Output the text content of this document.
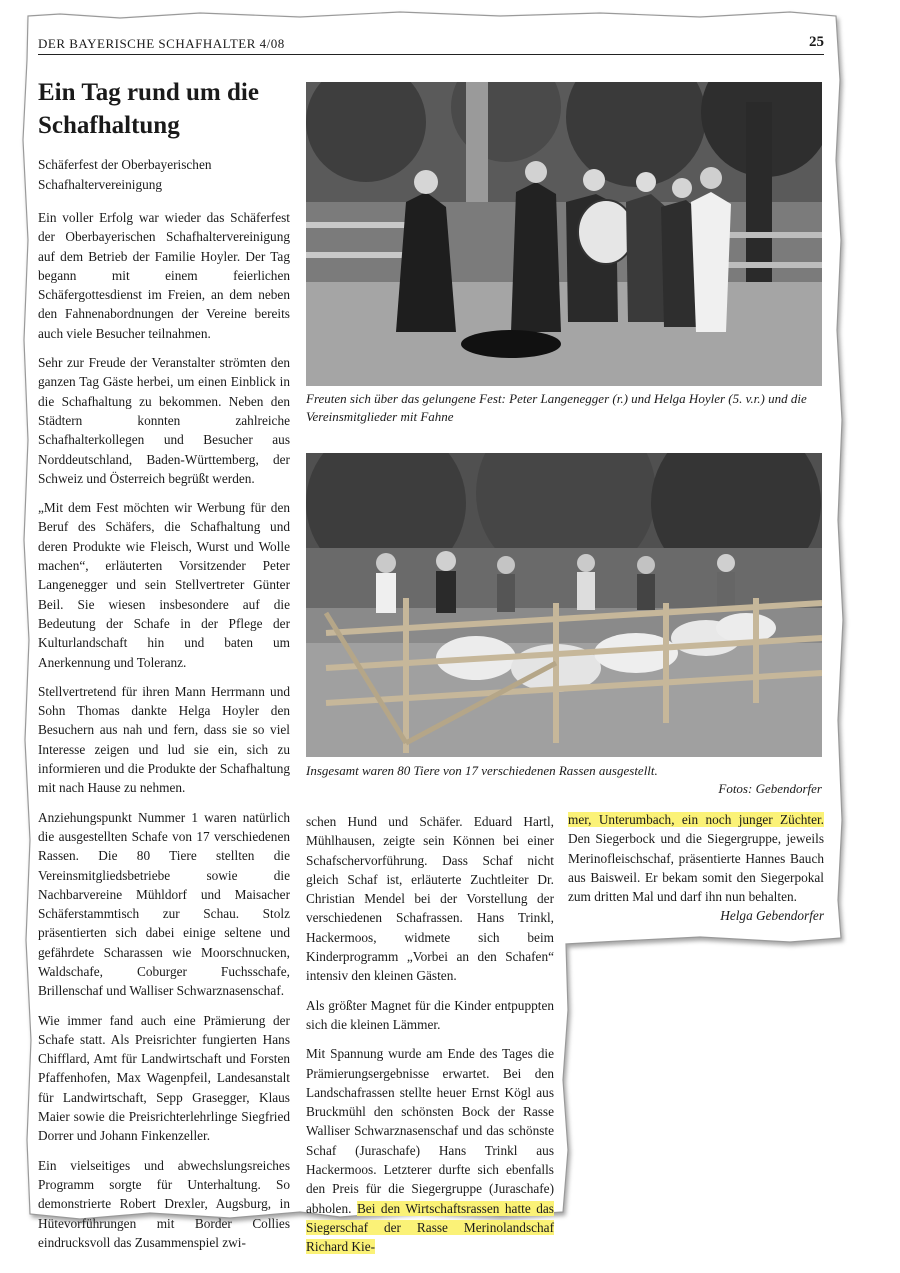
DER BAYERISCHE SCHAFHALTER 4/08	25
Ein Tag rund um die
Schafhaltung
Schäferfest der Oberbayerischen Schafhaltervereinigung

Ein voller Erfolg war wieder das Schäferfest der Oberbayerischen Schafhaltervereinigung auf dem Betrieb der Familie Hoyler. Der Tag begann mit einem feierlichen Schäfergottesdienst im Freien, an dem neben den Fahnenabordnungen der Vereine bereits auch viele Besucher teilnahmen.

Sehr zur Freude der Veranstalter strömten den ganzen Tag Gäste herbei, um einen Einblick in die Schafhaltung zu bekommen. Neben den Städtern konnten zahlreiche Schafhalterkollegen und Besucher aus Norddeutschland, Baden-Württemberg, der Schweiz und Österreich begrüßt werden.

„Mit dem Fest möchten wir Werbung für den Beruf des Schäfers, die Schafhaltung und deren Produkte wie Fleisch, Wurst und Wolle machen“, erläuterten Vorsitzender Peter Langenegger und sein Stellvertreter Günter Beil. Sie wiesen insbesondere auf die Bedeutung der Schafe in der Pflege der Kulturlandschaft hin und baten um Anerkennung und Toleranz.

Stellvertretend für ihren Mann Herrmann und Sohn Thomas dankte Helga Hoyler den Besuchern aus nah und fern, dass sie so viel Interesse zeigen und lud sie ein, sich zu informieren und die Produkte der Schafhaltung mit nach Hause zu nehmen.

Anziehungspunkt Nummer 1 waren natürlich die ausgestellten Schafe von 17 verschiedenen Rassen. Die 80 Tiere stellten die Vereinsmitgliedsbetriebe sowie die Nachbarvereine Mühldorf und Maisacher Schäferstammtisch zur Schau. Stolz präsentierten sich dabei einige seltene und gefährdete Scharassen wie Moorschnucken, Waldschafe, Coburger Fuchsschafe, Brillenschaf und Walliser Schwarznasenschaf.

Wie immer fand auch eine Prämierung der Schafe statt. Als Preisrichter fungierten Hans Chifflard, Amt für Landwirtschaft und Forsten Pfaffenhofen, Max Wagenpfeil, Landesanstalt für Landwirtschaft, Sepp Grasegger, Klaus Maier sowie die Preisrichterlehrlinge Siegfried Dorrer und Johann Finkenzeller.

Ein vielseitiges und abwechslungsreiches Programm sorgte für Unterhaltung. So demonstrierte Robert Drexler, Augsburg, in Hütevorführungen mit Border Collies eindrucksvoll das Zusammenspiel zwi-

Freuten sich über das gelungene Fest: Peter Langenegger (r.) und Helga Hoyler (5. v.r.) und die Vereinsmitglieder mit Fahne
Insgesamt waren 80 Tiere von 17 verschiedenen Rassen ausgestellt.
Fotos: Gebendorfer

schen Hund und Schäfer. Eduard Hartl, Mühlhausen, zeigte sein Können bei einer Schafschervorführung. Dass Schaf nicht gleich Schaf ist, erläuterte Zuchtleiter Dr. Christian Mendel bei der Vorstellung der verschiedenen Schafrassen. Hans Trinkl, Hackermoos, widmete sich beim Kinderprogramm „Vorbei an den Schafen“ intensiv den kleinen Gästen.

Als größter Magnet für die Kinder entpuppten sich die kleinen Lämmer.

Mit Spannung wurde am Ende des Tages die Prämierungsergebnisse erwartet. Bei den Landschafrassen stellte heuer Ernst Kögl aus Bruckmühl den schönsten Bock der Rasse Walliser Schwarznasenschaf und das schönste Schaf (Juraschafe) Hans Trinkl aus Hackermoos. Letzterer durfte sich ebenfalls den Preis für die Siegergruppe (Juraschafe) abholen. Bei den Wirtschaftsrassen hatte das Siegerschaf der Rasse Merinolandschaf Richard Kie-

mer, Unterumbach, ein noch junger Züchter. Den Siegerbock und die Siegergruppe, jeweils Merinofleischschaf, präsentierte Hannes Bauch aus Baisweil. Er bekam somit den Siegerpokal zum dritten Mal und darf ihn nun behalten.

Helga Gebendorfer
